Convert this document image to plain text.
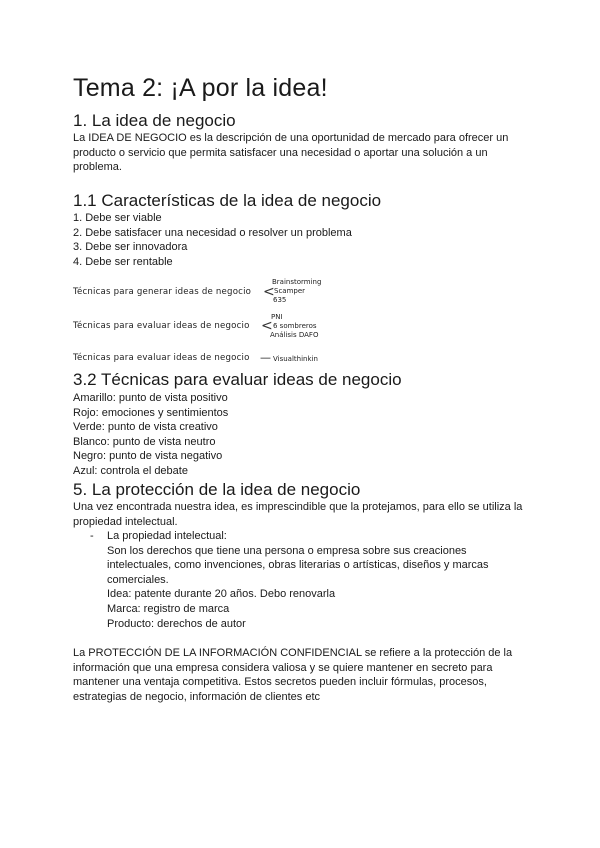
Tema 2: ¡A por la idea!
1. La idea de negocio
La IDEA DE NEGOCIO es la descripción de una oportunidad de mercado para ofrecer un producto o servicio que permita satisfacer una necesidad o aportar una solución a un problema.
1.1 Características de la idea de negocio
1. Debe ser viable
2. Debe satisfacer una necesidad o resolver un problema
3. Debe ser innovadora
4. Debe ser rentable
Técnicas para generar ideas de negocio <
Brainstorming
Scamper
635
Técnicas para evaluar ideas de negocio <
PNI
6 sombreros
Análisis DAFO
Técnicas para evaluar ideas de negocio — Visualthinkin
3.2 Técnicas para evaluar ideas de negocio
Amarillo: punto de vista positivo
Rojo: emociones y sentimientos
Verde: punto de vista creativo
Blanco: punto de vista neutro
Negro: punto de vista negativo
Azul: controla el debate
5. La protección de la idea de negocio
Una vez encontrada nuestra idea, es imprescindible que la protejamos, para ello se utiliza la propiedad intelectual.
- La propiedad intelectual:
Son los derechos que tiene una persona o empresa sobre sus creaciones intelectuales, como invenciones, obras literarias o artísticas, diseños y marcas comerciales.
Idea: patente durante 20 años. Debo renovarla
Marca: registro de marca
Producto: derechos de autor
La PROTECCIÓN DE LA INFORMACIÓN CONFIDENCIAL se refiere a la protección de la información que una empresa considera valiosa y se quiere mantener en secreto para mantener una ventaja competitiva. Estos secretos pueden incluir fórmulas, procesos, estrategias de negocio, información de clientes etc
